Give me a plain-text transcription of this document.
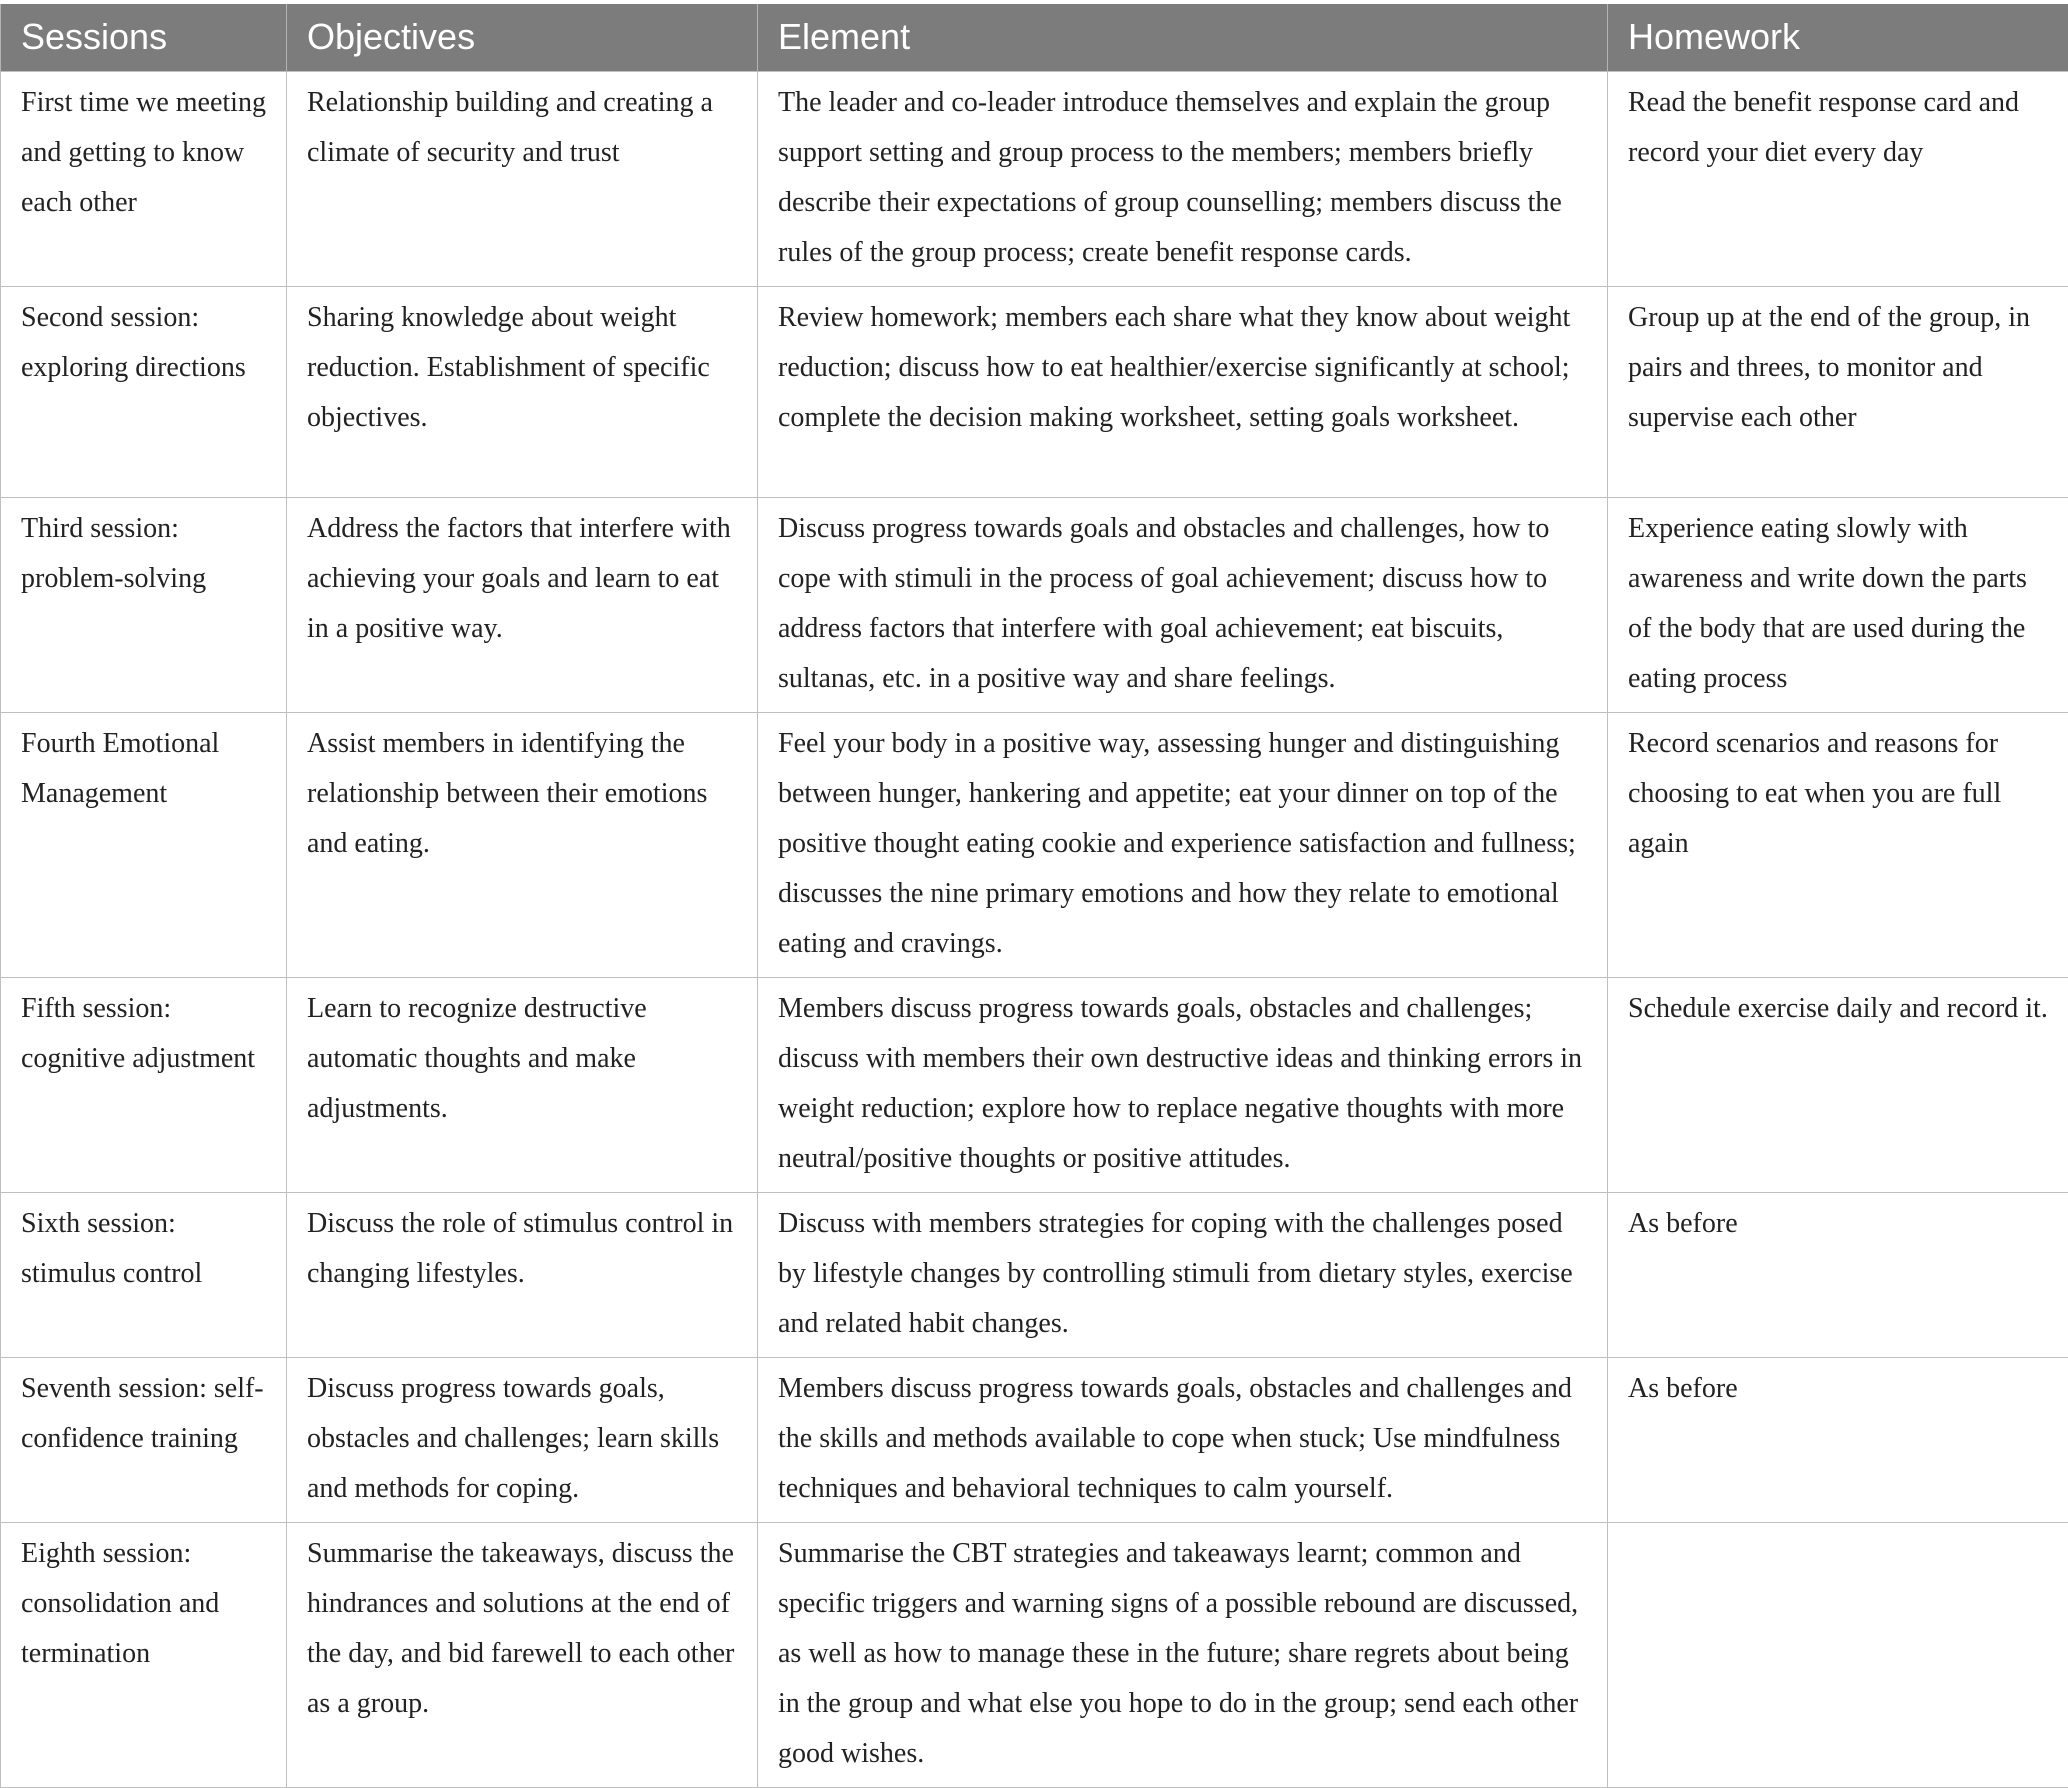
Sessions	Objectives	Element	Homework
First time we meeting and getting to know each other	Relationship building and creating a climate of security and trust	The leader and co-leader introduce themselves and explain the group support setting and group process to the members; members briefly describe their expectations of group counselling; members discuss the rules of the group process; create benefit response cards.	Read the benefit response card and record your diet every day
Second session: exploring directions	Sharing knowledge about weight reduction. Establishment of specific objectives.	Review homework; members each share what they know about weight reduction; discuss how to eat healthier/exercise significantly at school; complete the decision making worksheet, setting goals worksheet.	Group up at the end of the group, in pairs and threes, to monitor and supervise each other
Third session: problem-solving	Address the factors that interfere with achieving your goals and learn to eat in a positive way.	Discuss progress towards goals and obstacles and challenges, how to cope with stimuli in the process of goal achievement; discuss how to address factors that interfere with goal achievement; eat biscuits, sultanas, etc. in a positive way and share feelings.	Experience eating slowly with awareness and write down the parts of the body that are used during the eating process
Fourth Emotional Management	Assist members in identifying the relationship between their emotions and eating.	Feel your body in a positive way, assessing hunger and distinguishing between hunger, hankering and appetite; eat your dinner on top of the positive thought eating cookie and experience satisfaction and fullness; discusses the nine primary emotions and how they relate to emotional eating and cravings.	Record scenarios and reasons for choosing to eat when you are full again
Fifth session: cognitive adjustment	Learn to recognize destructive automatic thoughts and make adjustments.	Members discuss progress towards goals, obstacles and challenges; discuss with members their own destructive ideas and thinking errors in weight reduction; explore how to replace negative thoughts with more neutral/positive thoughts or positive attitudes.	Schedule exercise daily and record it.
Sixth session: stimulus control	Discuss the role of stimulus control in changing lifestyles.	Discuss with members strategies for coping with the challenges posed by lifestyle changes by controlling stimuli from dietary styles, exercise and related habit changes.	As before
Seventh session: self-confidence training	Discuss progress towards goals, obstacles and challenges; learn skills and methods for coping.	Members discuss progress towards goals, obstacles and challenges and the skills and methods available to cope when stuck; Use mindfulness techniques and behavioral techniques to calm yourself.	As before
Eighth session: consolidation and termination	Summarise the takeaways, discuss the hindrances and solutions at the end of the day, and bid farewell to each other as a group.	Summarise the CBT strategies and takeaways learnt; common and specific triggers and warning signs of a possible rebound are discussed, as well as how to manage these in the future; share regrets about being in the group and what else you hope to do in the group; send each other good wishes.	
